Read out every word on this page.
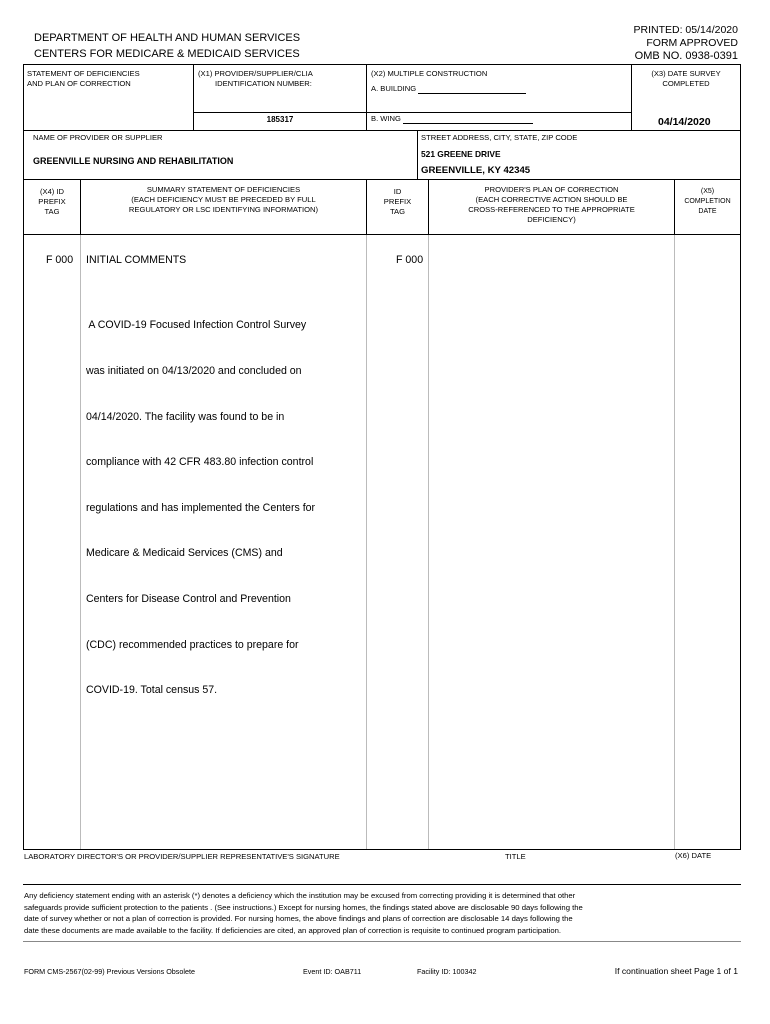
DEPARTMENT OF HEALTH AND HUMAN SERVICES
CENTERS FOR MEDICARE & MEDICAID SERVICES
PRINTED: 05/14/2020
FORM APPROVED
OMB NO. 0938-0391
STATEMENT OF DEFICIENCIES
AND PLAN OF CORRECTION
(X1) PROVIDER/SUPPLIER/CLIA
IDENTIFICATION NUMBER:
185317
(X2) MULTIPLE CONSTRUCTION
A. BUILDING
B. WING
(X3) DATE SURVEY
COMPLETED
04/14/2020
NAME OF PROVIDER OR SUPPLIER
GREENVILLE NURSING AND REHABILITATION
STREET ADDRESS, CITY, STATE, ZIP CODE
521 GREENE DRIVE
GREENVILLE, KY 42345
(X4) ID
PREFIX
TAG
SUMMARY STATEMENT OF DEFICIENCIES
(EACH DEFICIENCY MUST BE PRECEDED BY FULL
REGULATORY OR LSC IDENTIFYING INFORMATION)
ID
PREFIX
TAG
PROVIDER'S PLAN OF CORRECTION
(EACH CORRECTIVE ACTION SHOULD BE
CROSS-REFERENCED TO THE APPROPRIATE
DEFICIENCY)
(X5)
COMPLETION
DATE
F 000 INITIAL COMMENTS	F 000

A COVID-19 Focused Infection Control Survey

was initiated on 04/13/2020 and concluded on

04/14/2020. The facility was found to be in

compliance with 42 CFR 483.80 infection control

regulations and has implemented the Centers for

Medicare & Medicaid Services (CMS) and

Centers for Disease Control and Prevention

(CDC) recommended practices to prepare for

COVID-19. Total census 57.

LABORATORY DIRECTOR'S OR PROVIDER/SUPPLIER REPRESENTATIVE'S SIGNATURE	TITLE	(X6) DATE
Any deficiency statement ending with an asterisk (*) denotes a deficiency which the institution may be excused from correcting providing it is determined that other
safeguards provide sufficient protection to the patients . (See instructions.) Except for nursing homes, the findings stated above are disclosable 90 days following the
date of survey whether or not a plan of correction is provided. For nursing homes, the above findings and plans of correction are disclosable 14 days following the
date these documents are made available to the facility. If deficiencies are cited, an approved plan of correction is requisite to continued program participation.
FORM CMS-2567(02-99) Previous Versions Obsolete	Event ID: OAB711	Facility ID: 100342	If continuation sheet Page 1 of 1
